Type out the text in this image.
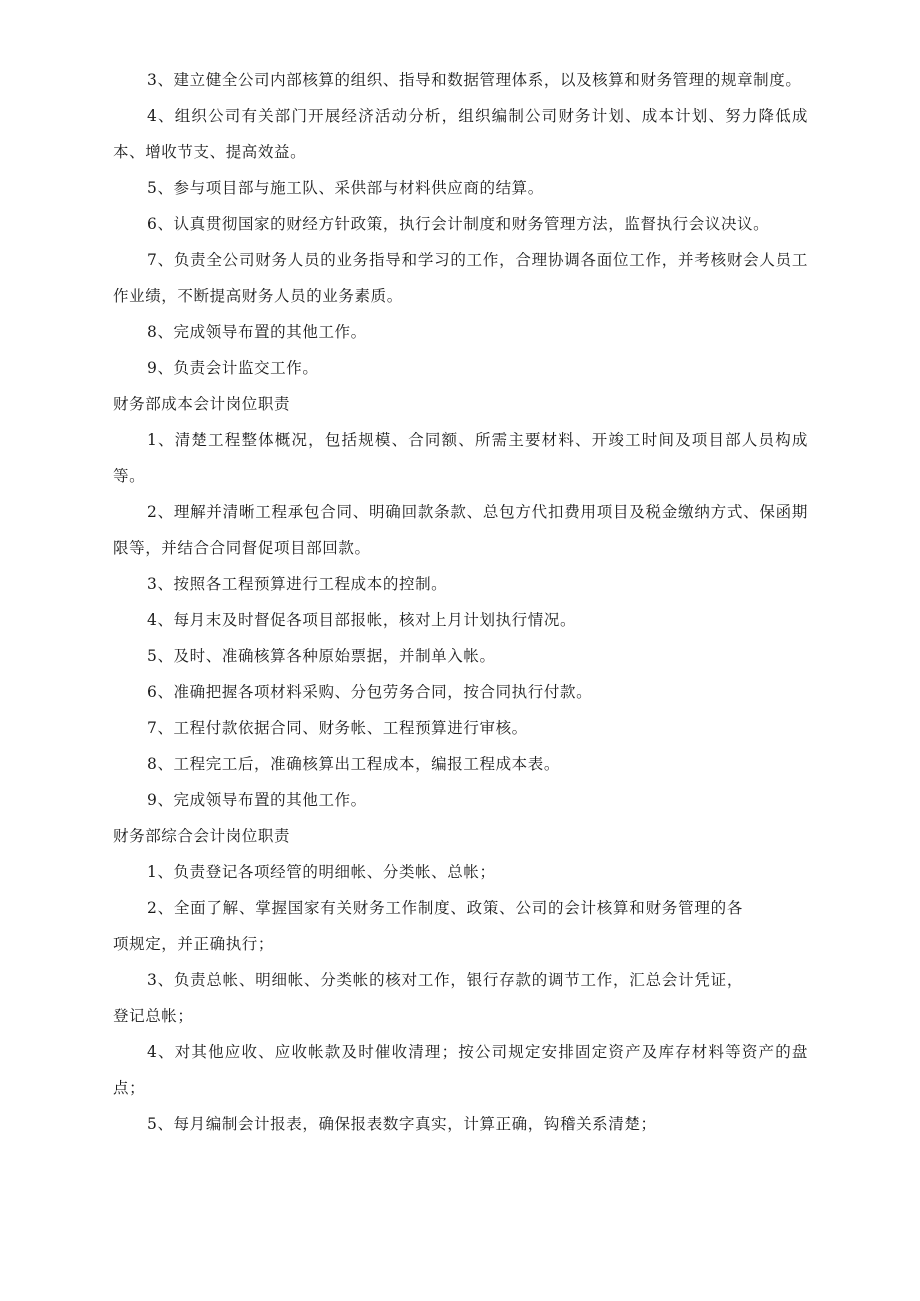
3、建立健全公司内部核算的组织、指导和数据管理体系，以及核算和财务管理的规章制度。

4、组织公司有关部门开展经济活动分析，组织编制公司财务计划、成本计划、努力降低成本、增收节支、提高效益。

5、参与项目部与施工队、采供部与材料供应商的结算。

6、认真贯彻国家的财经方针政策，执行会计制度和财务管理方法，监督执行会议决议。

7、负责全公司财务人员的业务指导和学习的工作，合理协调各面位工作，并考核财会人员工作业绩，不断提高财务人员的业务素质。

8、完成领导布置的其他工作。

9、负责会计监交工作。

财务部成本会计岗位职责

1、清楚工程整体概况，包括规模、合同额、所需主要材料、开竣工时间及项目部人员构成等。

2、理解并清晰工程承包合同、明确回款条款、总包方代扣费用项目及税金缴纳方式、保函期限等，并结合合同督促项目部回款。

3、按照各工程预算进行工程成本的控制。

4、每月末及时督促各项目部报帐，核对上月计划执行情况。

5、及时、准确核算各种原始票据，并制单入帐。

6、准确把握各项材料采购、分包劳务合同，按合同执行付款。

7、工程付款依据合同、财务帐、工程预算进行审核。

8、工程完工后，准确核算出工程成本，编报工程成本表。

9、完成领导布置的其他工作。

财务部综合会计岗位职责

1、负责登记各项经管的明细帐、分类帐、总帐；

2、全面了解、掌握国家有关财务工作制度、政策、公司的会计核算和财务管理的各项规定，并正确执行；

3、负责总帐、明细帐、分类帐的核对工作，银行存款的调节工作，汇总会计凭证，登记总帐；

4、对其他应收、应收帐款及时催收清理；按公司规定安排固定资产及库存材料等资产的盘点；

5、每月编制会计报表，确保报表数字真实，计算正确，钩稽关系清楚；
